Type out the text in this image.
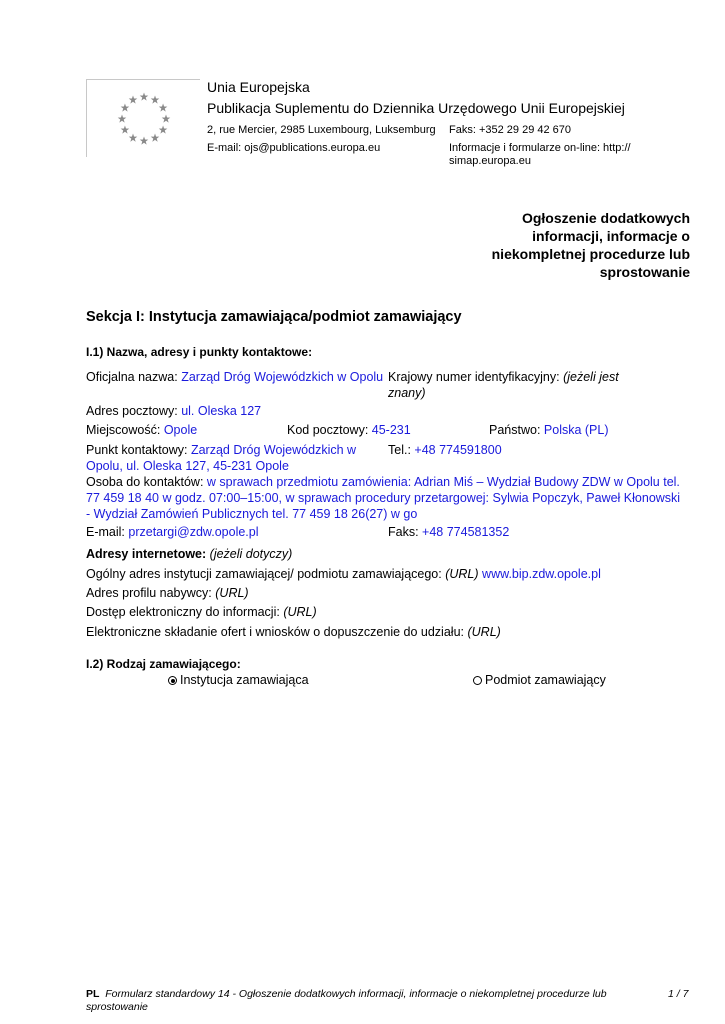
Unia Europejska
Publikacja Suplementu do Dziennika Urzędowego Unii Europejskiej
2, rue Mercier, 2985 Luxembourg, Luksemburg Faks: +352 29 29 42 670
E-mail: ojs@publications.europa.eu	Informacje i formularze on-line: http:// simap.europa.eu
Ogłoszenie dodatkowych informacji, informacje o niekompletnej procedurze lub sprostowanie
Sekcja I: Instytucja zamawiająca/podmiot zamawiający
I.1) Nazwa, adresy i punkty kontaktowe:
Oficjalna nazwa: Zarząd Dróg Wojewódzkich w Opolu Krajowy numer identyfikacyjny: (jeżeli jest znany)
Adres pocztowy: ul. Oleska 127
Miejscowość: Opole	Kod pocztowy: 45-231	Państwo: Polska (PL)
Punkt kontaktowy: Zarząd Dróg Wojewódzkich w Opolu, ul. Oleska 127, 45-231 Opole
Tel.: +48 774591800
Osoba do kontaktów: w sprawach przedmiotu zamówienia: Adrian Miś – Wydział Budowy ZDW w Opolu tel. 77 459 18 40 w godz. 07:00–15:00, w sprawach procedury przetargowej: Sylwia Popczyk, Paweł Kłonowski - Wydział Zamówień Publicznych tel. 77 459 18 26(27) w go
E-mail: przetargi@zdw.opole.pl	Faks: +48 774581352
Adresy internetowe: (jeżeli dotyczy)
Ogólny adres instytucji zamawiającej/ podmiotu zamawiającego: (URL) www.bip.zdw.opole.pl
Adres profilu nabywcy: (URL)
Dostęp elektroniczny do informacji: (URL)
Elektroniczne składanie ofert i wniosków o dopuszczenie do udziału: (URL)
I.2) Rodzaj zamawiającego:
Instytucja zamawiająca	Podmiot zamawiający
PL Formularz standardowy 14 - Ogłoszenie dodatkowych informacji, informacje o niekompletnej procedurze lub sprostowanie
1 / 7
